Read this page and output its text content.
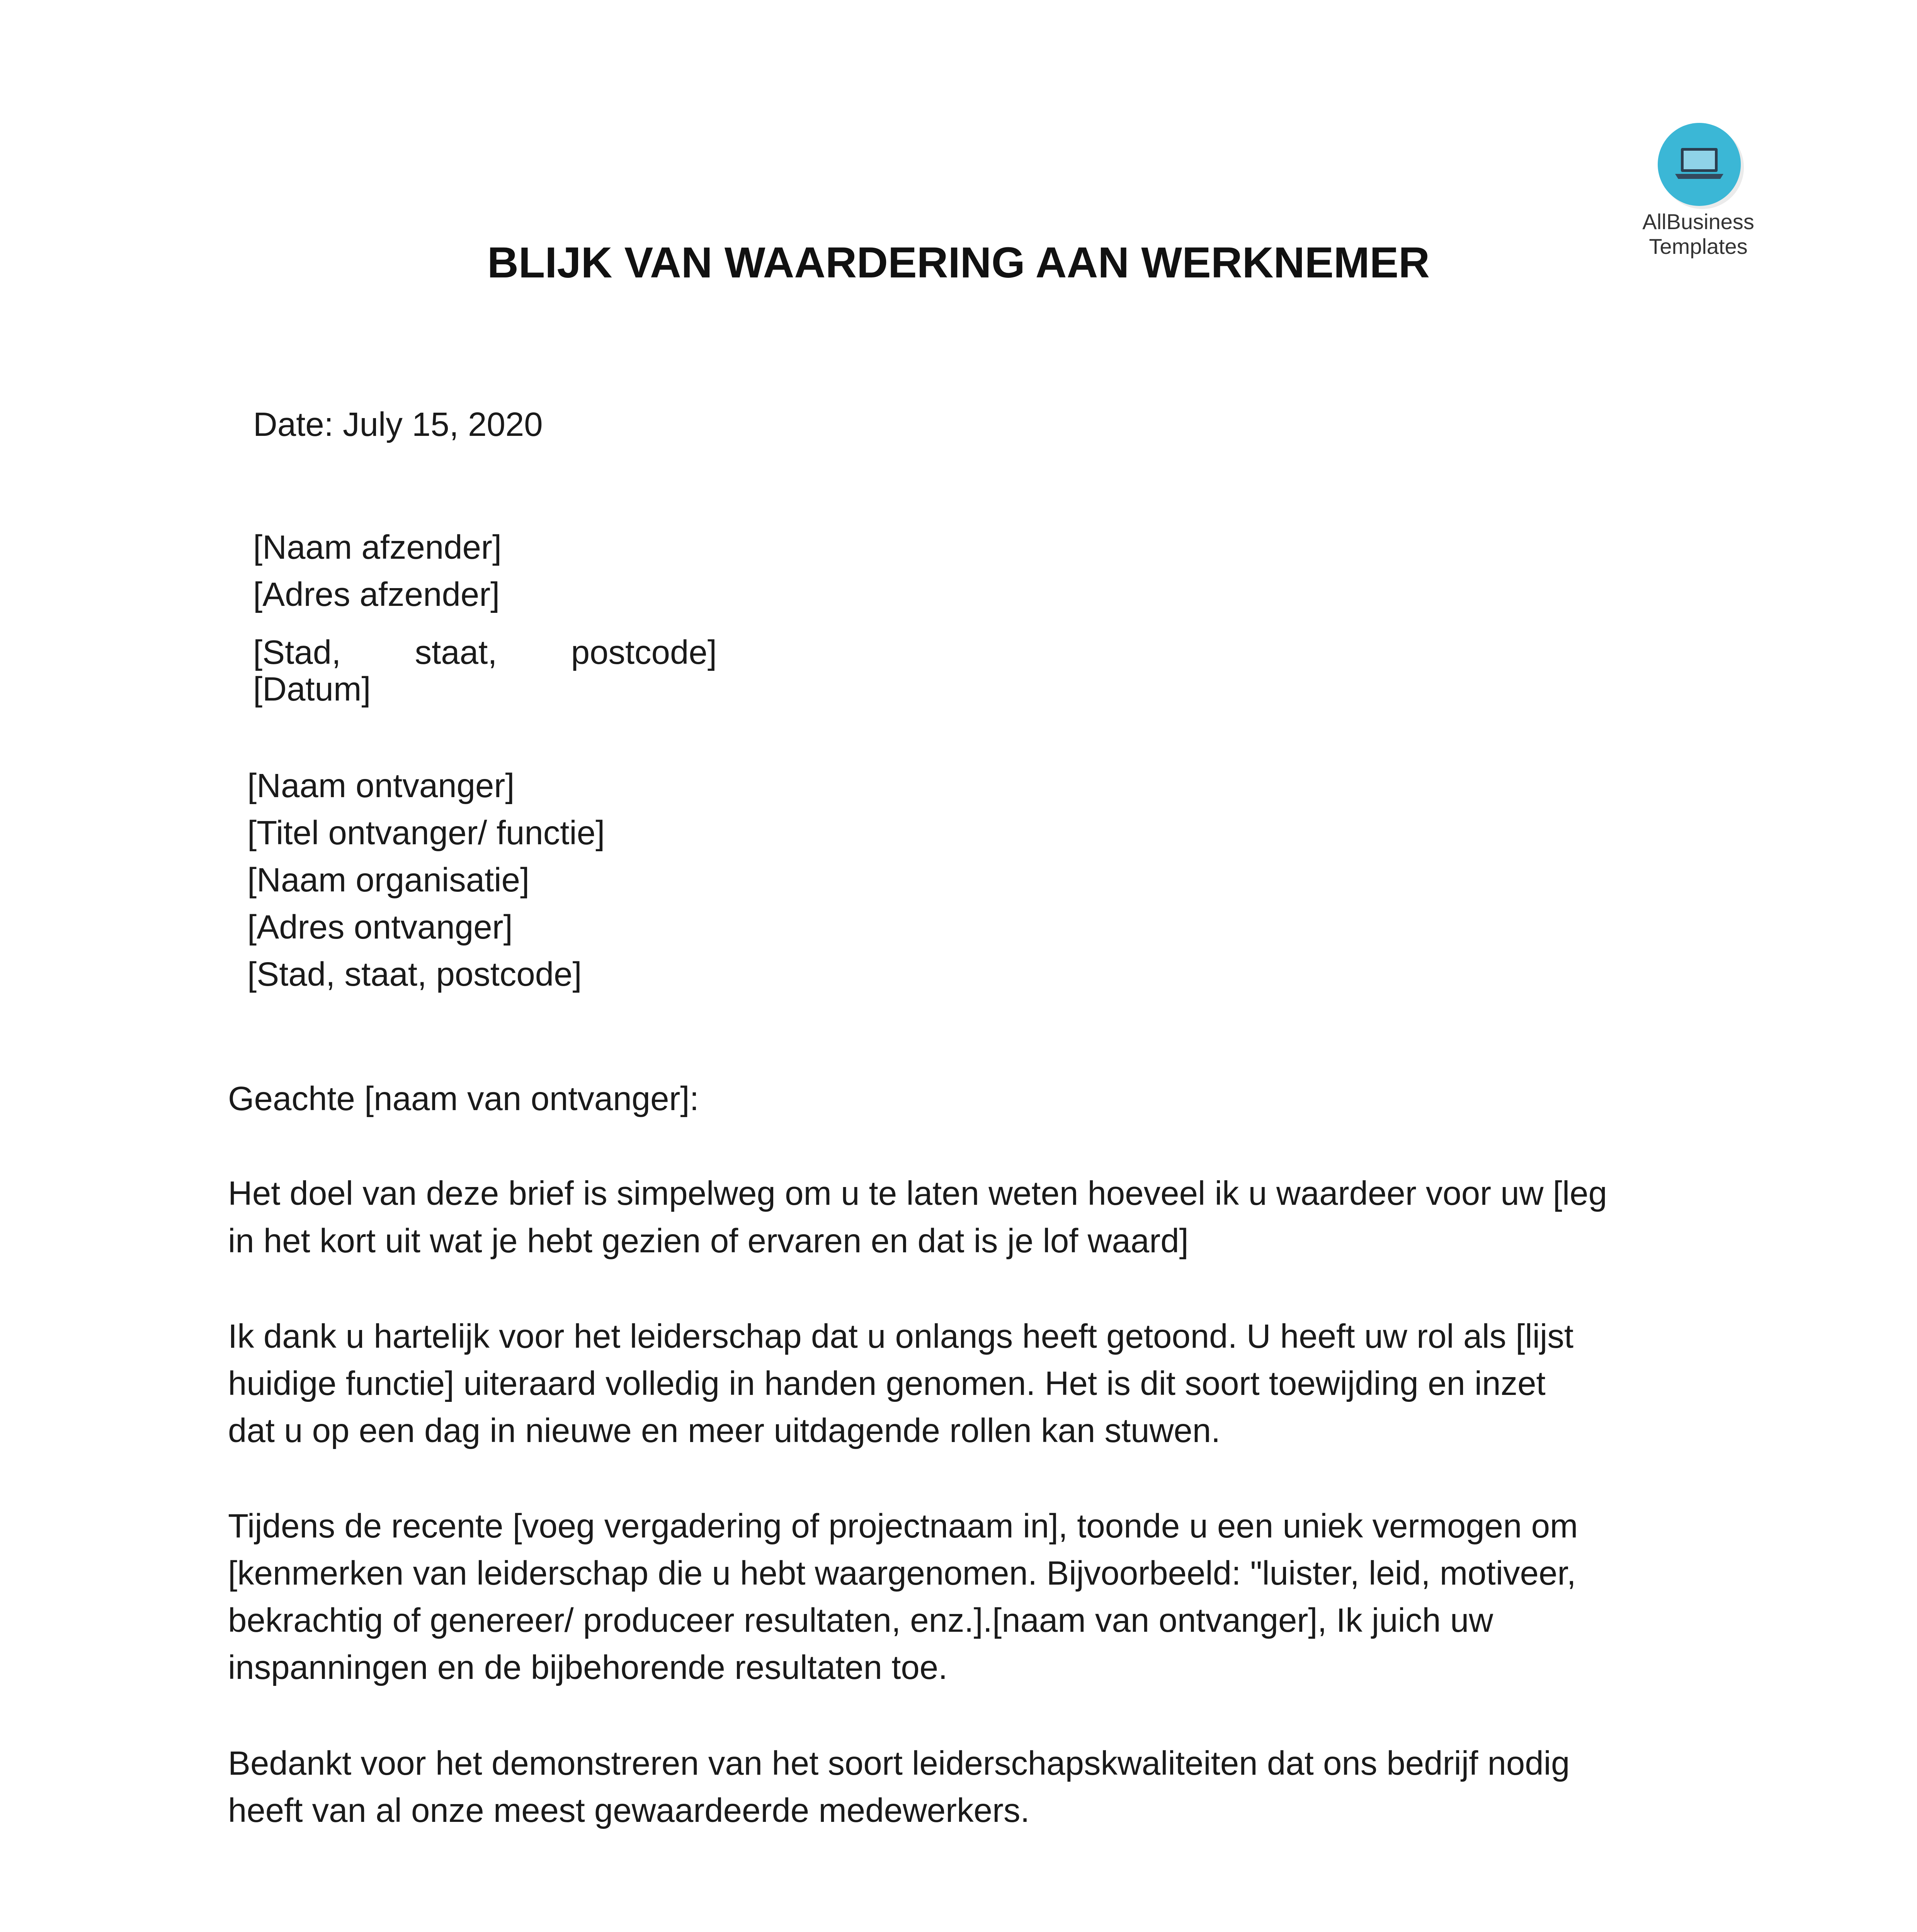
AllBusiness
Templates
BLIJK VAN WAARDERING AAN WERKNEMER
Date: July 15, 2020
[Naam afzender]
[Adres afzender]
[Stad, staat, postcode]
[Datum]
[Naam ontvanger]
[Titel ontvanger/ functie]
[Naam organisatie]
[Adres ontvanger]
[Stad, staat, postcode]
Geachte [naam van ontvanger]:
Het doel van deze brief is simpelweg om u te laten weten hoeveel ik u waardeer voor uw [leg
in het kort uit wat je hebt gezien of ervaren en dat is je lof waard]
Ik dank u hartelijk voor het leiderschap dat u onlangs heeft getoond. U heeft uw rol als [lijst
huidige functie] uiteraard volledig in handen genomen. Het is dit soort toewijding en inzet
dat u op een dag in nieuwe en meer uitdagende rollen kan stuwen.
Tijdens de recente [voeg vergadering of projectnaam in], toonde u een uniek vermogen om
[kenmerken van leiderschap die u hebt waargenomen. Bijvoorbeeld: "luister, leid, motiveer,
bekrachtig of genereer/ produceer resultaten, enz.].[naam van ontvanger], Ik juich uw
inspanningen en de bijbehorende resultaten toe.
Bedankt voor het demonstreren van het soort leiderschapskwaliteiten dat ons bedrijf nodig
heeft van al onze meest gewaardeerde medewerkers.
